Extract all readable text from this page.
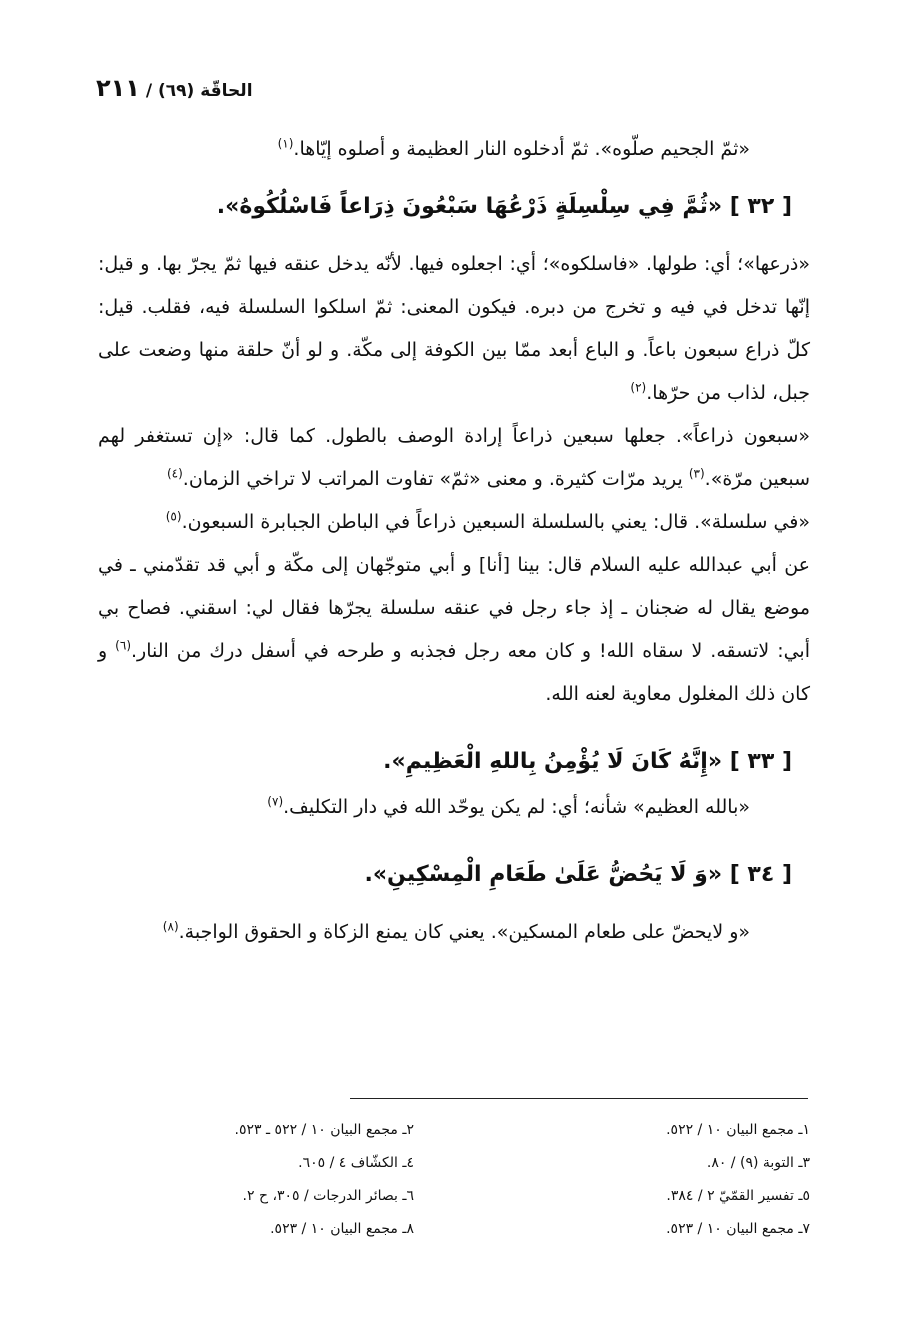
الحاقّة (٦٩) / ٢١١

«ثمّ الجحيم صلّوه». ثمّ أدخلوه النار العظيمة و أصلوه إيّاها.$^{(١)}$

[ ٣٢ ] «ثُمَّ فِي سِلْسِلَةٍ ذَرْعُهَا سَبْعُونَ ذِرَاعاً فَاسْلُكُوهُ».

«ذرعها»؛ أي: طولها. «فاسلكوه»؛ أي: اجعلوه فيها. لأنّه يدخل عنقه فيها ثمّ يجرّ بها. و قيل: إنّها تدخل في فيه و تخرج من دبره. فيكون المعنى: ثمّ اسلكوا السلسلة فيه، فقلب. قيل: كلّ ذراع سبعون باعاً. و الباع أبعد ممّا بين الكوفة إلى مكّة. و لو أنّ حلقة منها وضعت على جبل، لذاب من حرّها.$^{(٢)}$

«سبعون ذراعاً». جعلها سبعين ذراعاً إرادة الوصف بالطول. كما قال: «إن تستغفر لهم سبعين مرّة».$^{(٣)}$ يريد مرّات كثيرة. و معنى «ثمّ» تفاوت المراتب لا تراخي الزمان.$^{(٤)}$

«في سلسلة». قال: يعني بالسلسلة السبعين ذراعاً في الباطن الجبابرة السبعون.$^{(٥)}$

عن أبي عبدالله عليه السلام قال: بينا [أنا] و أبي متوجّهان إلى مكّة و أبي قد تقدّمني ـ في موضع يقال له ضجنان ـ إذ جاء رجل في عنقه سلسلة يجرّها فقال لي: اسقني. فصاح بي أبي: لاتسقه. لا سقاه الله! و كان معه رجل فجذبه و طرحه في أسفل درك من النار.$^{(٦)}$ و كان ذلك المغلول معاوية لعنه الله.

[ ٣٣ ] «إِنَّهُ كَانَ لَا يُؤْمِنُ بِاللهِ الْعَظِيمِ».

«بالله العظيم» شأنه؛ أي: لم يكن يوحّد الله في دار التكليف.$^{(٧)}$

[ ٣٤ ] «وَ لَا يَحُضُّ عَلَىٰ طَعَامِ الْمِسْكِينِ».

«و لايحضّ على طعام المسكين». يعني كان يمنع الزكاة و الحقوق الواجبة.$^{(٨)}$

١ـ مجمع البيان ١٠ / ٥٢٢.
٢ـ مجمع البيان ١٠ / ٥٢٢ ـ ٥٢٣.
٣ـ التوبة (٩) / ٨٠.
٤ـ الكشّاف ٤ / ٦٠٥.
٥ـ تفسير القمّيّ ٢ / ٣٨٤.
٦ـ بصائر الدرجات / ٣٠٥، ح ٢.
٧ـ مجمع البيان ١٠ / ٥٢٣.
٨ـ مجمع البيان ١٠ / ٥٢٣.
